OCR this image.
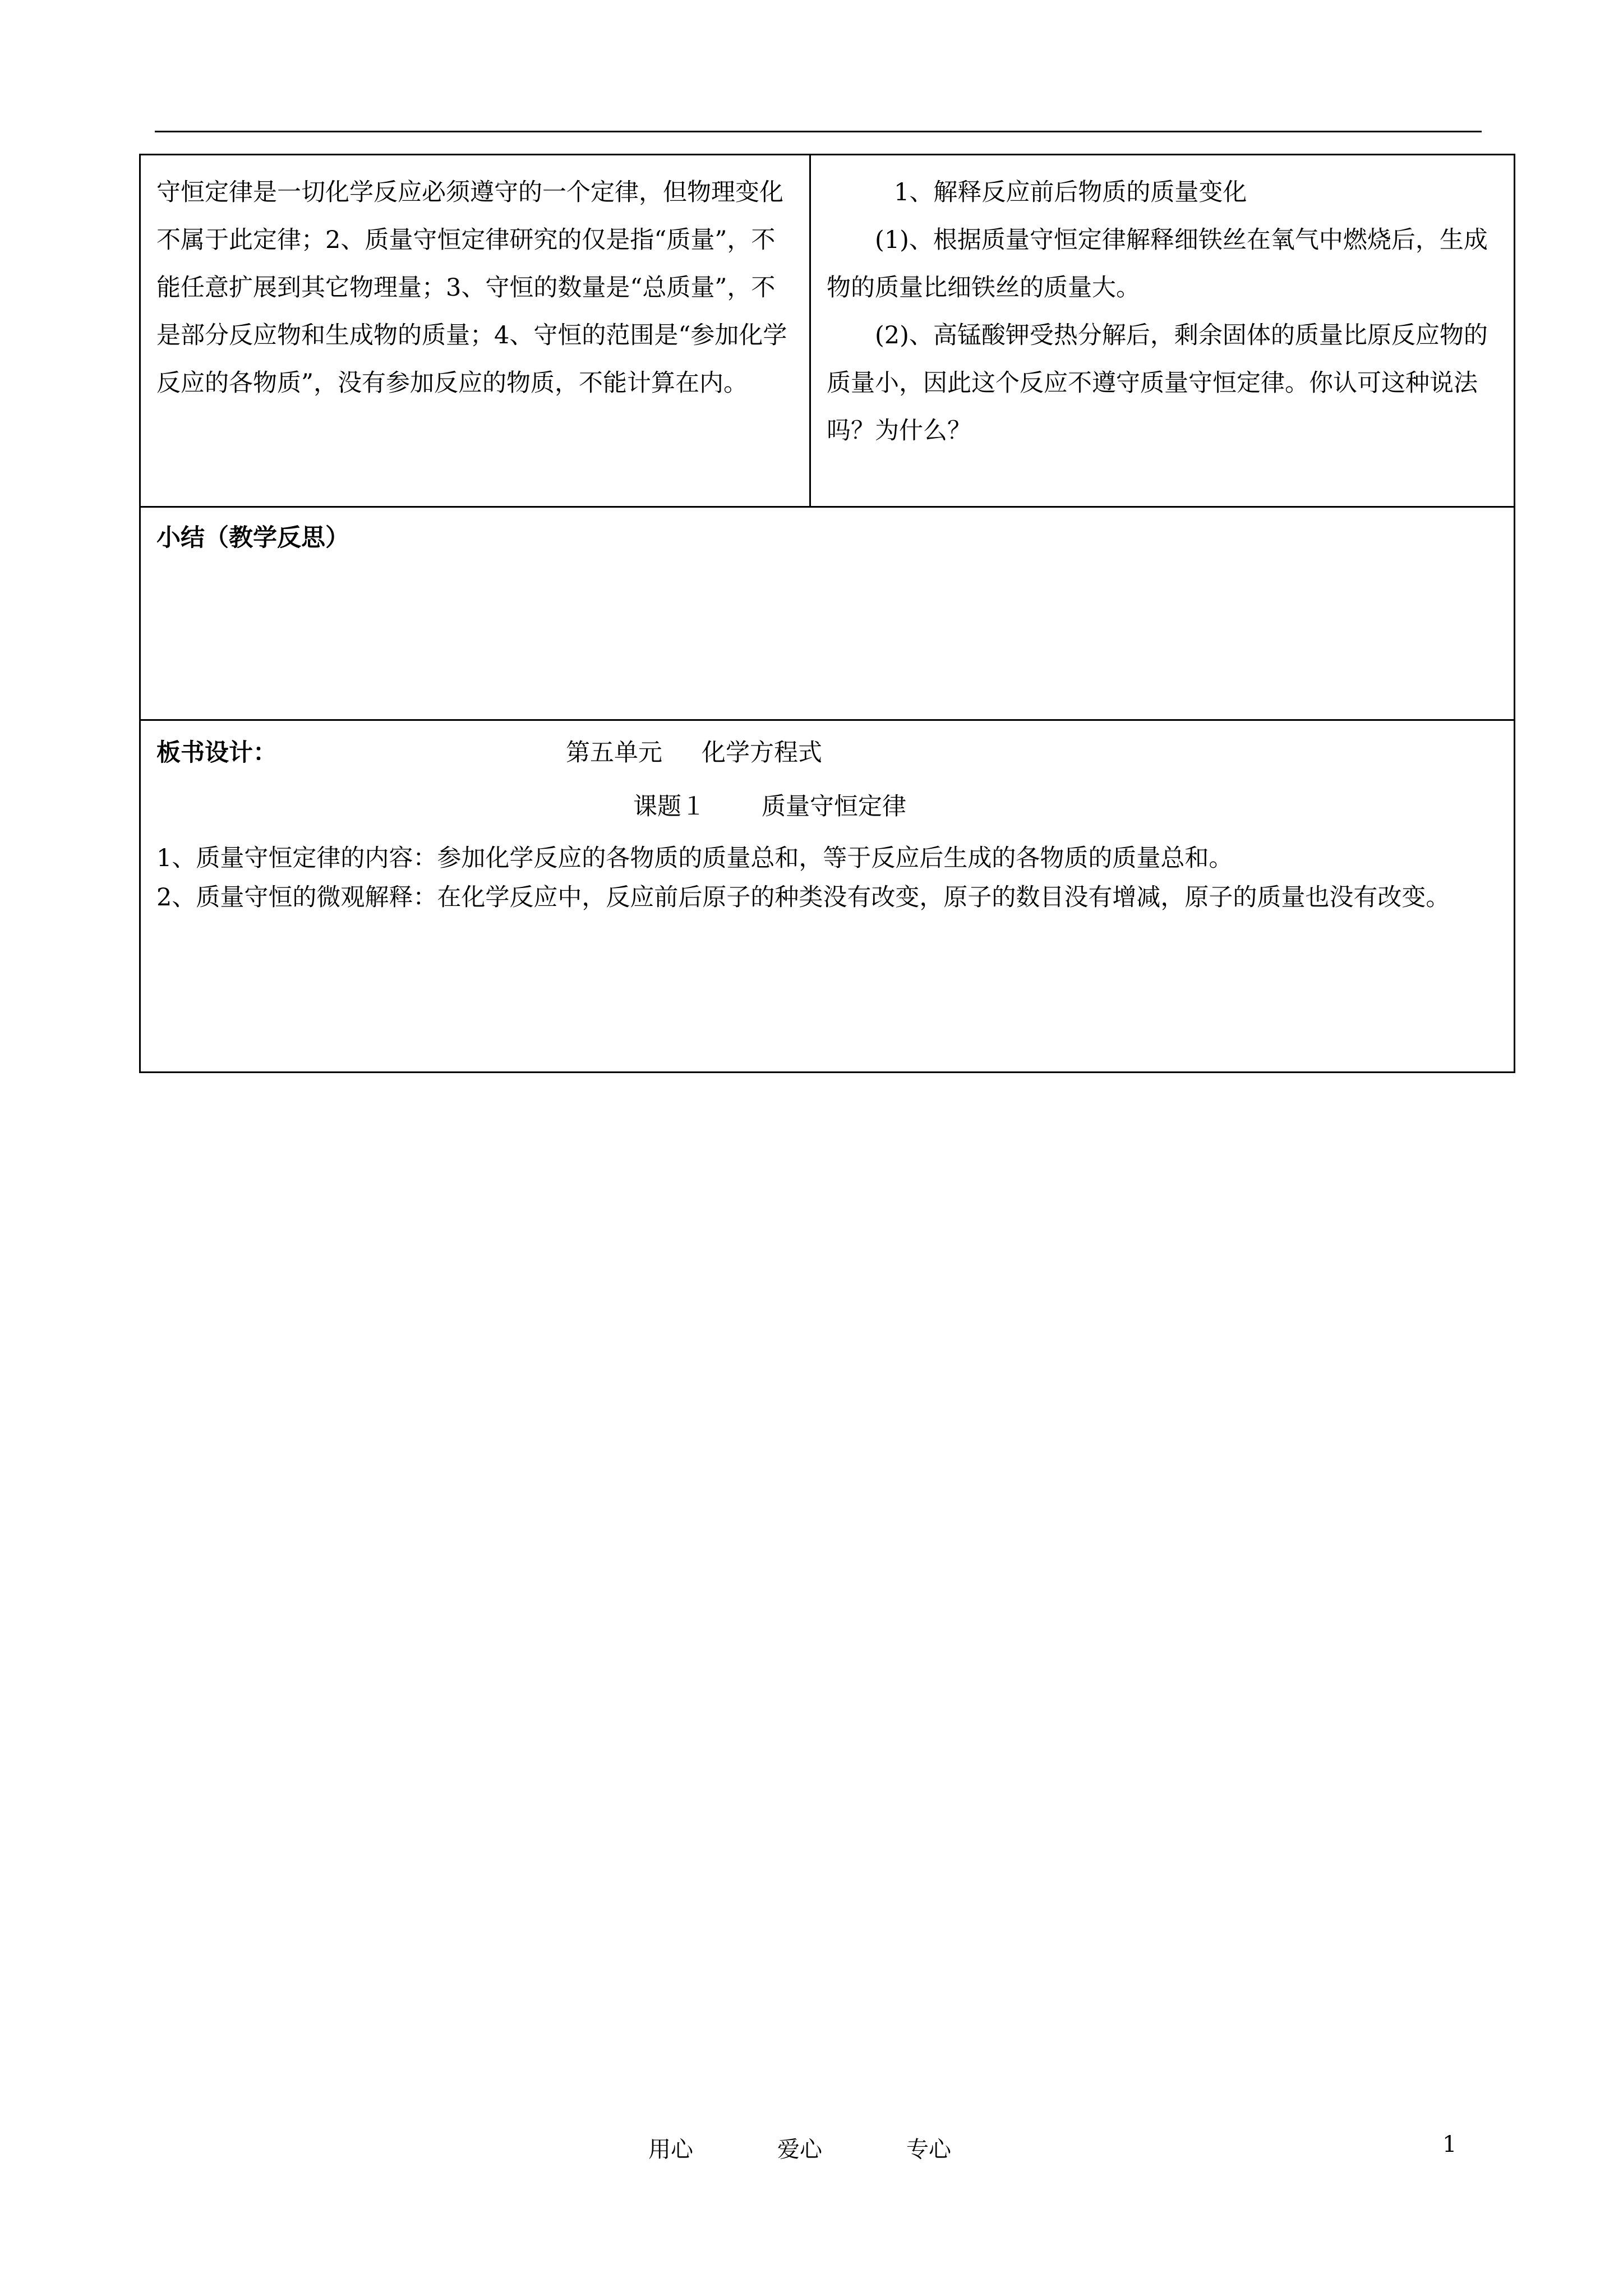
守恒定律是一切化学反应必须遵守的一个定律，但物理变化不属于此定律；2、质量守恒定律研究的仅是指“质量”，不能任意扩展到其它物理量；3、守恒的数量是“总质量”，不是部分反应物和生成物的质量；4、守恒的范围是“参加化学反应的各物质”，没有参加反应的物质，不能计算在内。	

1、解释反应前后物质的质量变化

(1)、根据质量守恒定律解释细铁丝在氧气中燃烧后，生成物的质量比细铁丝的质量大。

(2)、高锰酸钾受热分解后，剩余固体的质量比原反应物的质量小，因此这个反应不遵守质量守恒定律。你认可这种说法吗？为什么？

小结（教学反思）

板书设计：	第五单元 化学方程式
课题１ 质量守恒定律

1、质量守恒定律的内容：参加化学反应的各物质的质量总和，等于反应后生成的各物质的质量总和。

2、质量守恒的微观解释：在化学反应中，反应前后原子的种类没有改变，原子的数目没有增减，原子的质量也没有改变。

用心	爱心	专心	1
